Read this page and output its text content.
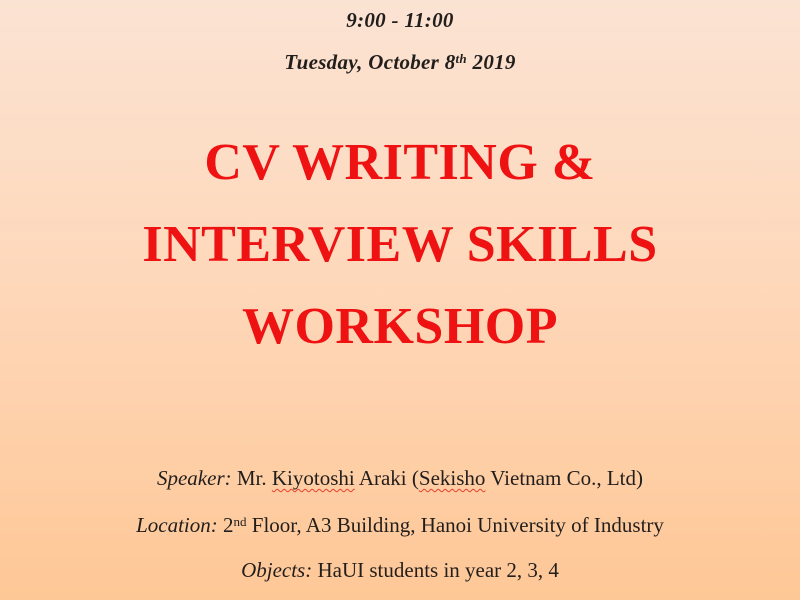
9:00 - 11:00
Tuesday, October 8th 2019
CV WRITING &
INTERVIEW SKILLS
WORKSHOP
Speaker: Mr. Kiyotoshi Araki (Sekisho Vietnam Co., Ltd)
Location: 2nd Floor, A3 Building, Hanoi University of Industry
Objects: HaUI students in year 2, 3, 4
